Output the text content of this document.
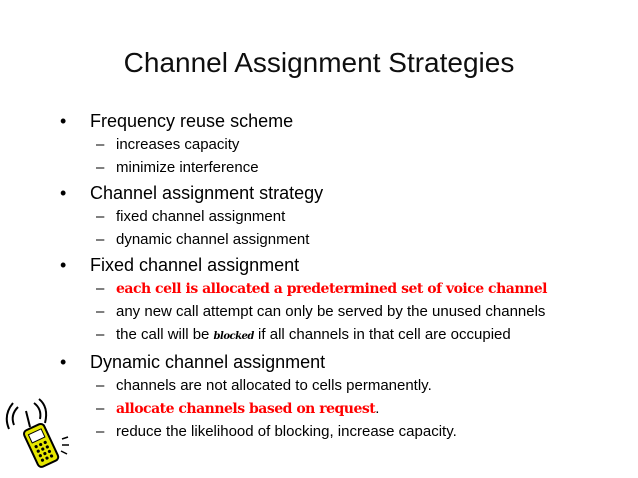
Channel Assignment Strategies
• Frequency reuse scheme
– increases capacity
– minimize interference
• Channel assignment strategy
– fixed channel assignment
– dynamic channel assignment
• Fixed channel assignment
– each cell is allocated a predetermined set of voice channel
– any new call attempt can only be served by the unused channels
– the call will be blocked if all channels in that cell are occupied
• Dynamic channel assignment
– channels are not allocated to cells permanently.
– allocate channels based on request.
– reduce the likelihood of blocking, increase capacity.
